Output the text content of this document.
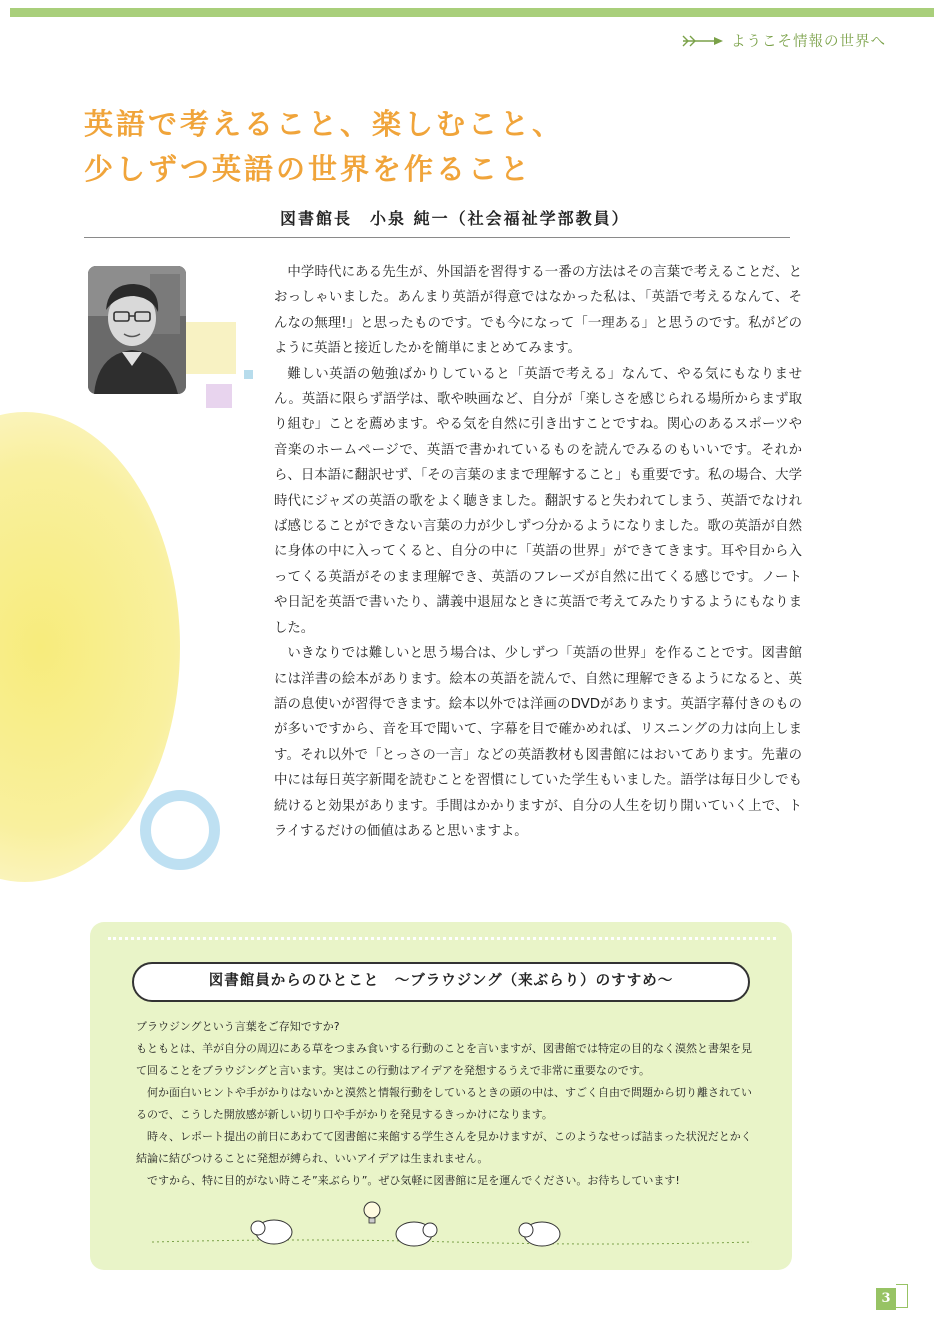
ようこそ情報の世界へ
英語で考えること、楽しむこと、
少しずつ英語の世界を作ること
図書館長　小泉 純一（社会福祉学部教員）

中学時代にある先生が、外国語を習得する一番の方法はその言葉で考えることだ、とおっしゃいました。あんまり英語が得意ではなかった私は、「英語で考えるなんて、そんなの無理!」と思ったものです。でも今になって「一理ある」と思うのです。私がどのように英語と接近したかを簡単にまとめてみます。

難しい英語の勉強ばかりしていると「英語で考える」なんて、やる気にもなりません。英語に限らず語学は、歌や映画など、自分が「楽しさを感じられる場所からまず取り組む」ことを薦めます。やる気を自然に引き出すことですね。関心のあるスポーツや音楽のホームページで、英語で書かれているものを読んでみるのもいいです。それから、日本語に翻訳せず、「その言葉のままで理解すること」も重要です。私の場合、大学時代にジャズの英語の歌をよく聴きました。翻訳すると失われてしまう、英語でなければ感じることができない言葉の力が少しずつ分かるようになりました。歌の英語が自然に身体の中に入ってくると、自分の中に「英語の世界」ができてきます。耳や目から入ってくる英語がそのまま理解でき、英語のフレーズが自然に出てくる感じです。ノートや日記を英語で書いたり、講義中退屈なときに英語で考えてみたりするようにもなりました。

いきなりでは難しいと思う場合は、少しずつ「英語の世界」を作ることです。図書館には洋書の絵本があります。絵本の英語を読んで、自然に理解できるようになると、英語の息使いが習得できます。絵本以外では洋画のDVDがあります。英語字幕付きのものが多いですから、音を耳で聞いて、字幕を目で確かめれば、リスニングの力は向上します。それ以外で「とっさの一言」などの英語教材も図書館にはおいてあります。先輩の中には毎日英字新聞を読むことを習慣にしていた学生もいました。語学は毎日少しでも続けると効果があります。手間はかかりますが、自分の人生を切り開いていく上で、トライするだけの価値はあると思いますよ。

図書館員からのひとこと　～ブラウジング（来ぶらり）のすすめ～

ブラウジングという言葉をご存知ですか?

もともとは、羊が自分の周辺にある草をつまみ食いする行動のことを言いますが、図書館では特定の目的なく漠然と書架を見て回ることをブラウジングと言います。実はこの行動はアイデアを発想するうえで非常に重要なのです。

何か面白いヒントや手がかりはないかと漠然と情報行動をしているときの頭の中は、すごく自由で問題から切り離されているので、こうした開放感が新しい切り口や手がかりを発見するきっかけになります。

時々、レポート提出の前日にあわてて図書館に来館する学生さんを見かけますが、このようなせっぱ詰まった状況だとかく結論に結びつけることに発想が縛られ、いいアイデアは生まれません。

ですから、特に目的がない時こそ”来ぶらり”。ぜひ気軽に図書館に足を運んでください。お待ちしています!

3
